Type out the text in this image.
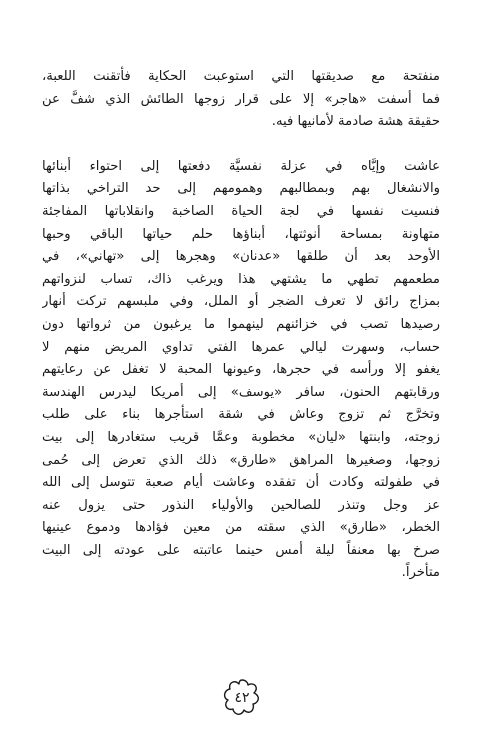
منفتحة مع صديقتها التي استوعبت الحكاية فأتقنت اللعبة،
فما أسفت «هاجر» إلا على قرار زوجها الطائش الذي شفَّ عن
حقيقة هشة صادمة لأمانيها فيه.
عاشت وإيَّاه في عزلة نفسيَّة دفعتها إلى احتواء أبنائها
والانشغال بهم وبمطالبهم وهمومهم إلى حد التراخي بذاتها
فنسيت نفسها في لجة الحياة الصاخبة وانقلاباتها المفاجئة
متهاونة بمساحة أنوثتها، أبناؤها حلم حياتها الباقي وحبها
الأوحد بعد أن طلقها «عدنان» وهجرها إلى «تهاني»، في
مطعمهم تطهي ما يشتهي هذا ويرغب ذاك، تساب لنزواتهم
بمزاج رائق لا تعرف الضجر أو الملل، وفي ملبسهم تركت أنهار
رصيدها تصب في خزائنهم لينهموا ما يرغبون من ثرواتها دون
حساب، وسهرت ليالي عمرها الفتي تداوي المريض منهم لا
يغفو إلا ورأسه في حجرها، وعيونها المحبة لا تغفل عن رعايتهم
ورقابتهم الحنون، سافر «يوسف» إلى أمريكا ليدرس الهندسة
وتخرَّج ثم تزوج وعاش في شقة استأجرها بناء على طلب
زوجته، وابنتها «ليان» مخطوبة وعمَّا قريب ستغادرها إلى بيت
زوجها، وصغيرها المراهق «طارق» ذلك الذي تعرض إلى حُمى
في طفولته وكادت أن تفقده وعاشت أيام صعبة تتوسل إلى الله
عز وجل وتنذر للصالحين والأولياء النذور حتى يزول عنه
الخطر، «طارق» الذي سقته من معين فؤادها ودموع عينيها
صرخ بها معنفاً ليلة أمس حينما عاتبته على عودته إلى البيت
متأخراً.
٤٢
